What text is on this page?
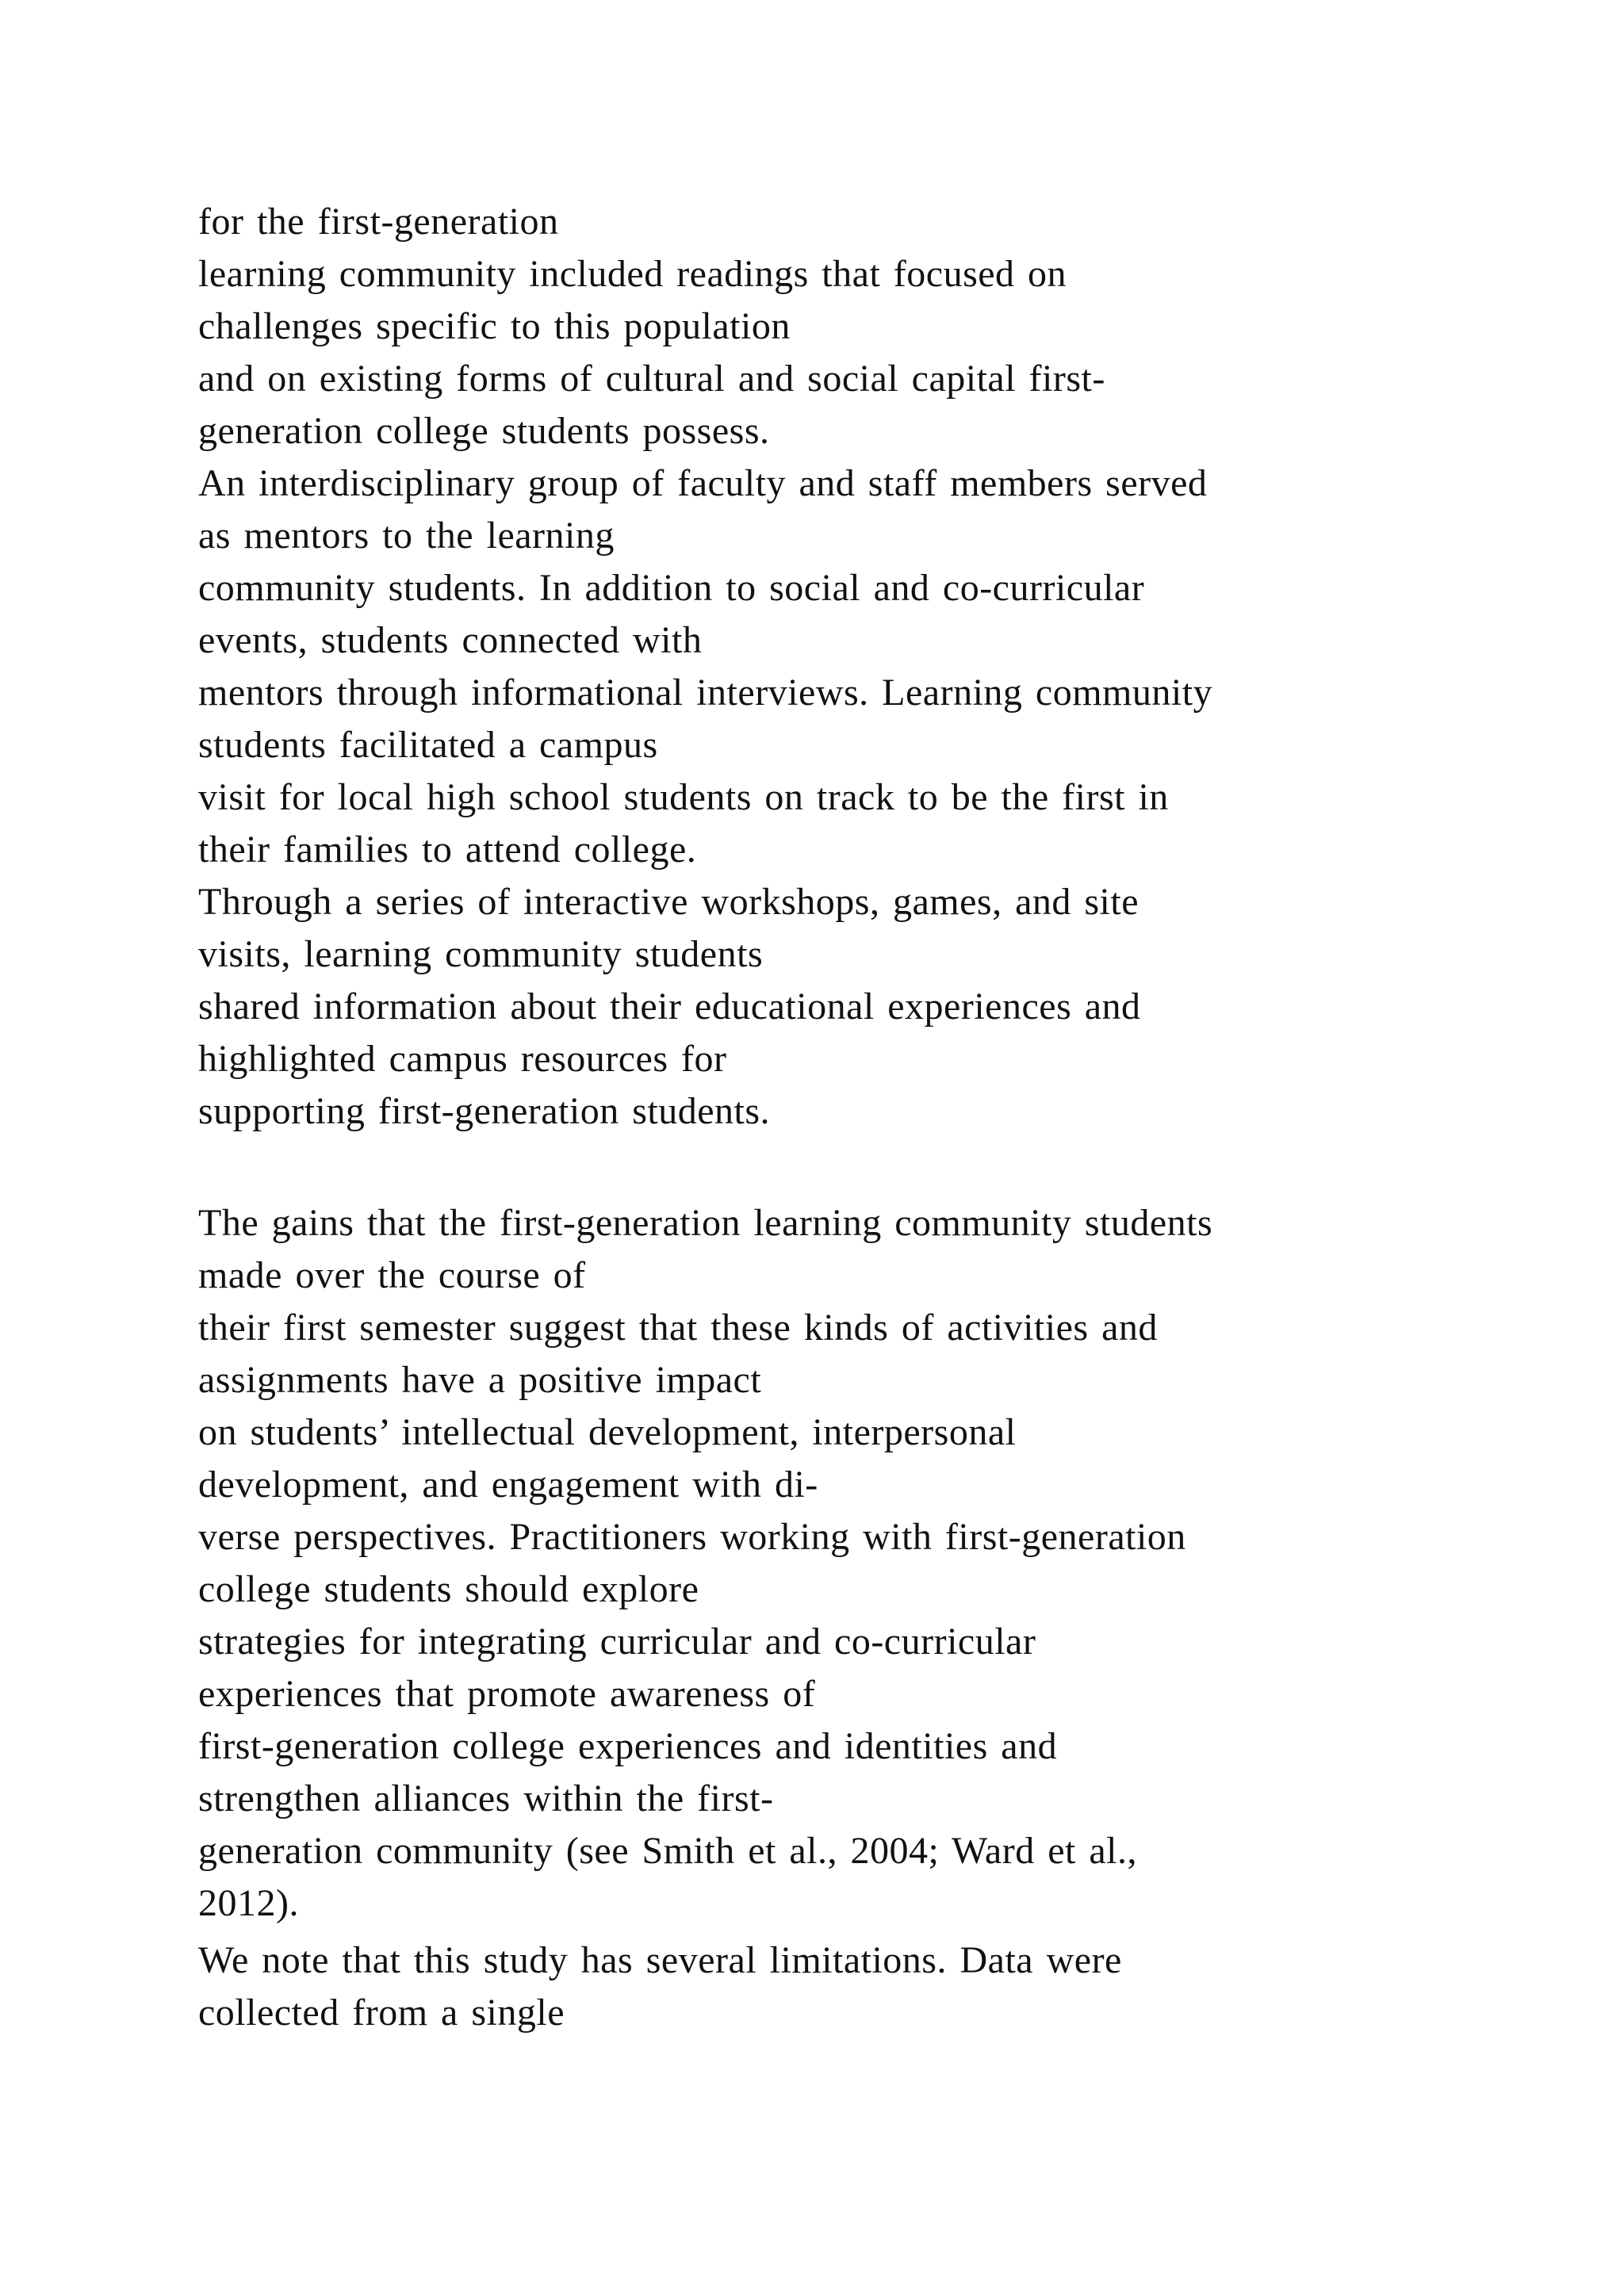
for the first-generation
learning community included readings that focused on
challenges specific to this population
and on existing forms of cultural and social capital first-
generation college students possess.
An interdisciplinary group of faculty and staff members served
as mentors to the learning
community students. In addition to social and co-curricular
events, students connected with
mentors through informational interviews. Learning community
students facilitated a campus
visit for local high school students on track to be the first in
their families to attend college.
Through a series of interactive workshops, games, and site
visits, learning community students
shared information about their educational experiences and
highlighted campus resources for
supporting first-generation students.
The gains that the first-generation learning community students
made over the course of
their first semester suggest that these kinds of activities and
assignments have a positive impact
on students’ intellectual development, interpersonal
development, and engagement with di-
verse perspectives. Practitioners working with first-generation
college students should explore
strategies for integrating curricular and co-curricular
experiences that promote awareness of
first-generation college experiences and identities and
strengthen alliances within the first-
generation community (see Smith et al., 2004; Ward et al.,
2012).
We note that this study has several limitations. Data were
collected from a single
